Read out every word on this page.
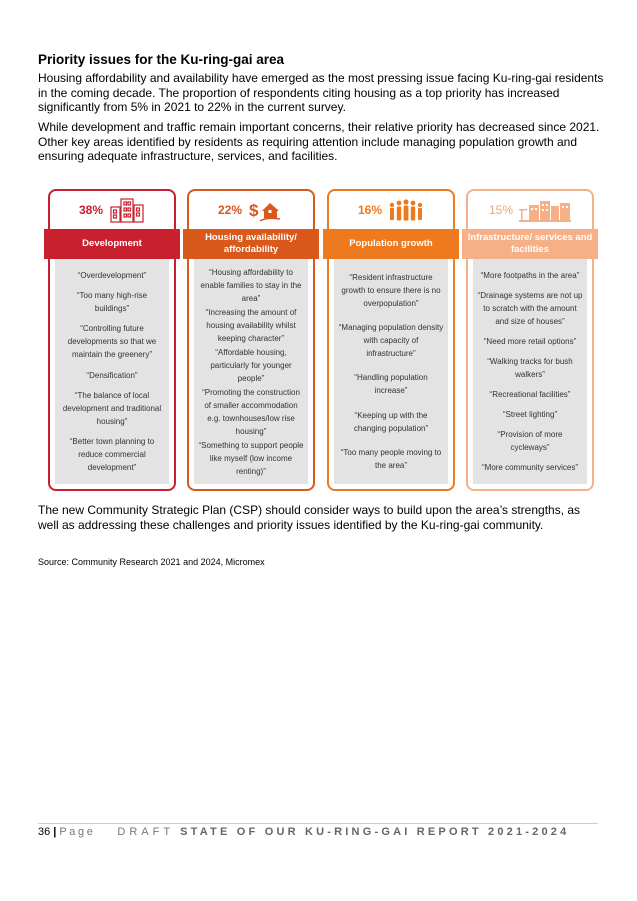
Priority issues for the Ku-ring-gai area

Housing affordability and availability have emerged as the most pressing issue facing Ku-ring-gai residents in the coming decade. The proportion of respondents citing housing as a top priority has increased significantly from 5% in 2021 to 22% in the current survey.

While development and traffic remain important concerns, their relative priority has decreased since 2021. Other key areas identified by residents as requiring attention include managing population growth and ensuring adequate infrastructure, services, and facilities.

38%
Development
“Overdevelopment”
“Too many high-rise buildings”
“Controlling future developments so that we maintain the greenery”
“Densification”
“The balance of local development and traditional housing”
“Better town planning to reduce commercial development”
22% $
Housing availability/ affordability
“Housing affordability to enable families to stay in the area”
“Increasing the amount of housing availability whilst keeping character”
“Affordable housing, particularly for younger people”
“Promoting the construction of smaller accommodation e.g. townhouses/low rise housing”
“Something to support people like myself (low income renting)”
16%
Population growth
“Resident infrastructure growth to ensure there is no overpopulation”
“Managing population density with capacity of infrastructure”
“Handling population increase”
“Keeping up with the changing population”
“Too many people moving to the area”
15%
Infrastructure/ services and facilities
“More footpaths in the area”
“Drainage systems are not up to scratch with the amount and size of houses”
“Need more retail options”
“Walking tracks for bush walkers”
“Recreational facilities”
“Street lighting”
“Provision of more cycleways”
“More community services”

The new Community Strategic Plan (CSP) should consider ways to build upon the area’s strengths, as well as addressing these challenges and priority issues identified by the Ku-ring-gai community.

Source: Community Research 2021 and 2024, Micromex
36 | Page DRAFT STATE OF OUR KU-RING-GAI REPORT 2021-2024
